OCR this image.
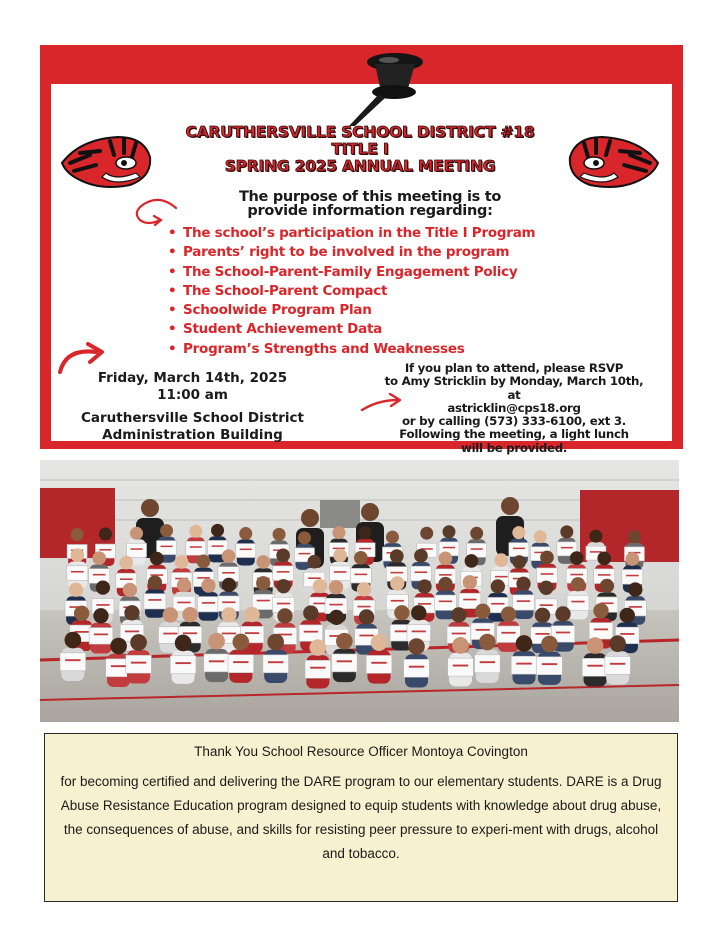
CARUTHERSVILLE SCHOOL DISTRICT #18
TITLE I
SPRING 2025 ANNUAL MEETING
The purpose of this meeting is to
provide information regarding:
• The school’s participation in the Title I Program
• Parents’ right to be involved in the program
• The School-Parent-Family Engagement Policy
• The School-Parent Compact
• Schoolwide Program Plan
• Student Achievement Data
• Program’s Strengths and Weaknesses
Friday, March 14th, 2025
11:00 am
Caruthersville School District
Administration Building
If you plan to attend, please RSVP
to Amy Stricklin by Monday, March 10th, at
astricklin@cps18.org
or by calling (573) 333-6100, ext 3.
Following the meeting, a light lunch
will be provided.
Thank You School Resource Officer Montoya Covington
for becoming certified and delivering the DARE program to our elementary students. DARE is a Drug Abuse Resistance Education program designed to equip students with knowledge about drug abuse, the consequences of abuse, and skills for resisting peer pressure to experi-ment with drugs, alcohol and tobacco.
